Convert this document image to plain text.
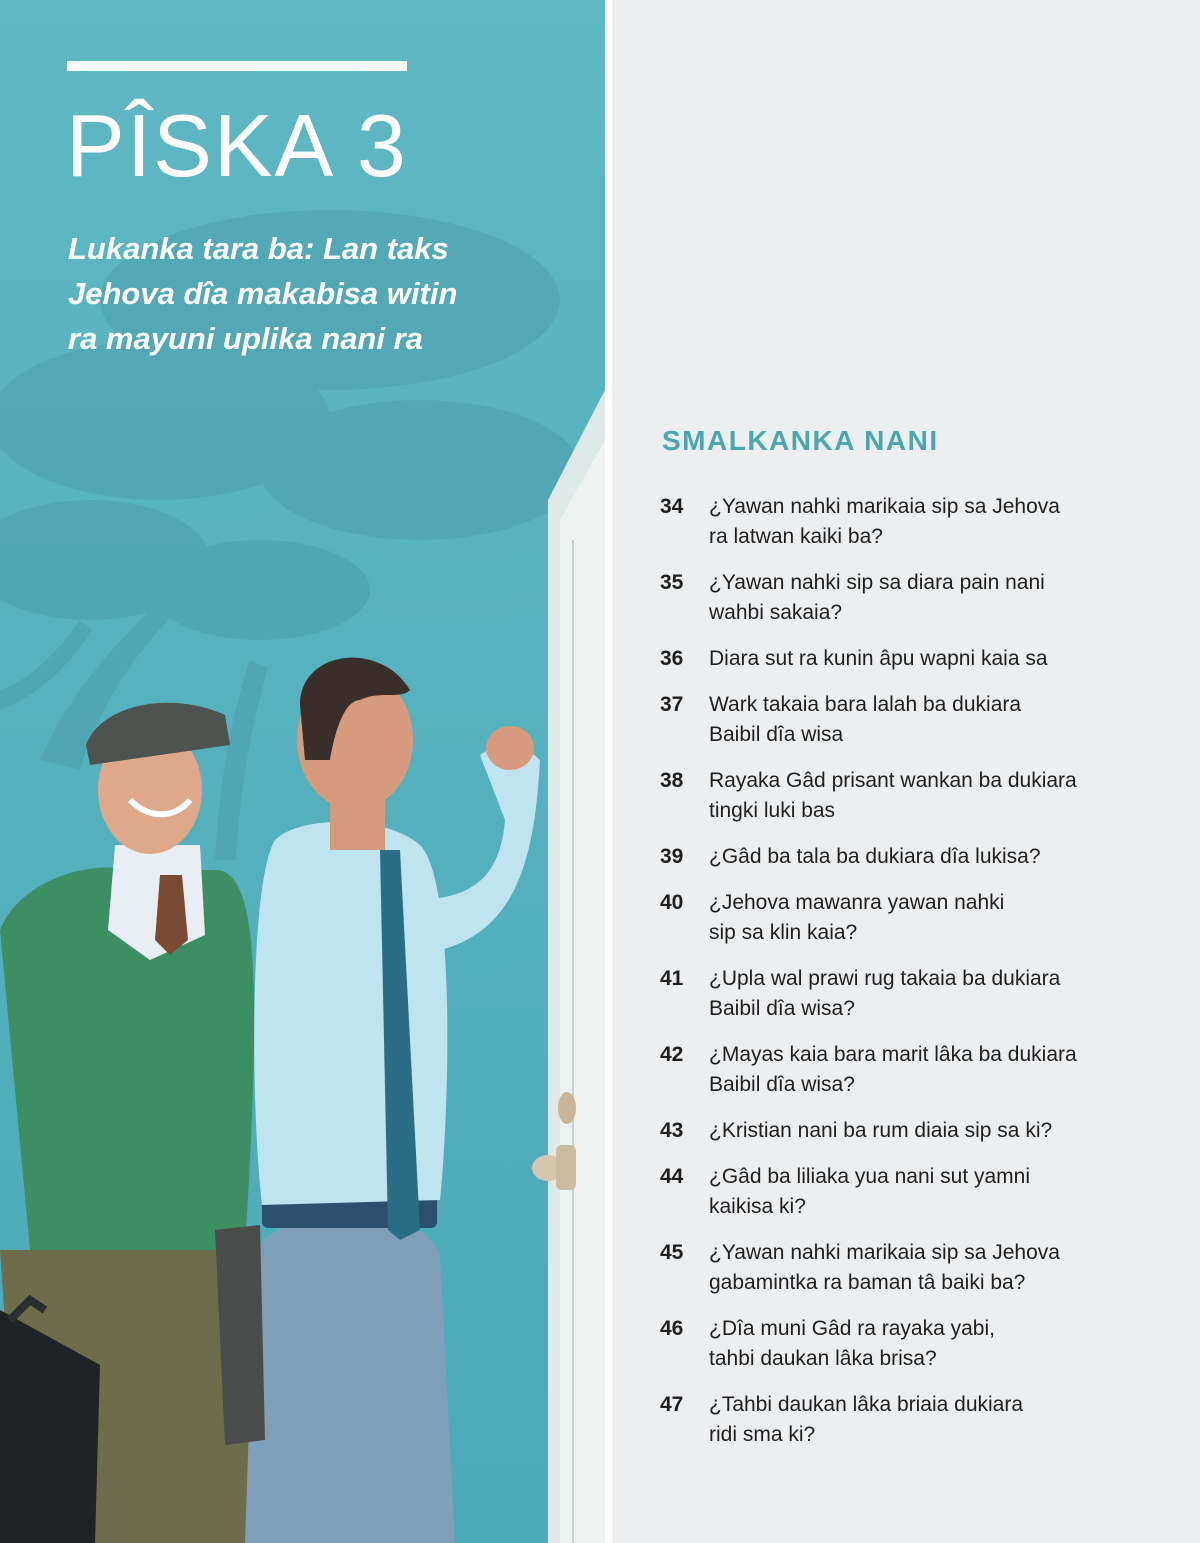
PÎSKA 3

Lukanka tara ba: Lan taks
Jehova dîa makabisa witin
ra mayuni uplika nani ra

SMALKANKA NANI
34	¿Yawan nahki marikaia sip sa Jehova
ra latwan kaiki ba?
35	¿Yawan nahki sip sa diara pain nani
wahbi sakaia?
36	Diara sut ra kunin âpu wapni kaia sa
37	Wark takaia bara lalah ba dukiara
Baibil dîa wisa
38	Rayaka Gâd prisant wankan ba dukiara
tingki luki bas
39	¿Gâd ba tala ba dukiara dîa lukisa?
40	¿Jehova mawanra yawan nahki
sip sa klin kaia?
41	¿Upla wal prawi rug takaia ba dukiara
Baibil dîa wisa?
42	¿Mayas kaia bara marit lâka ba dukiara
Baibil dîa wisa?
43	¿Kristian nani ba rum diaia sip sa ki?
44	¿Gâd ba liliaka yua nani sut yamni
kaikisa ki?
45	¿Yawan nahki marikaia sip sa Jehova
gabamintka ra baman tâ baiki ba?
46	¿Dîa muni Gâd ra rayaka yabi,
tahbi daukan lâka brisa?
47	¿Tahbi daukan lâka briaia dukiara
ridi sma ki?
